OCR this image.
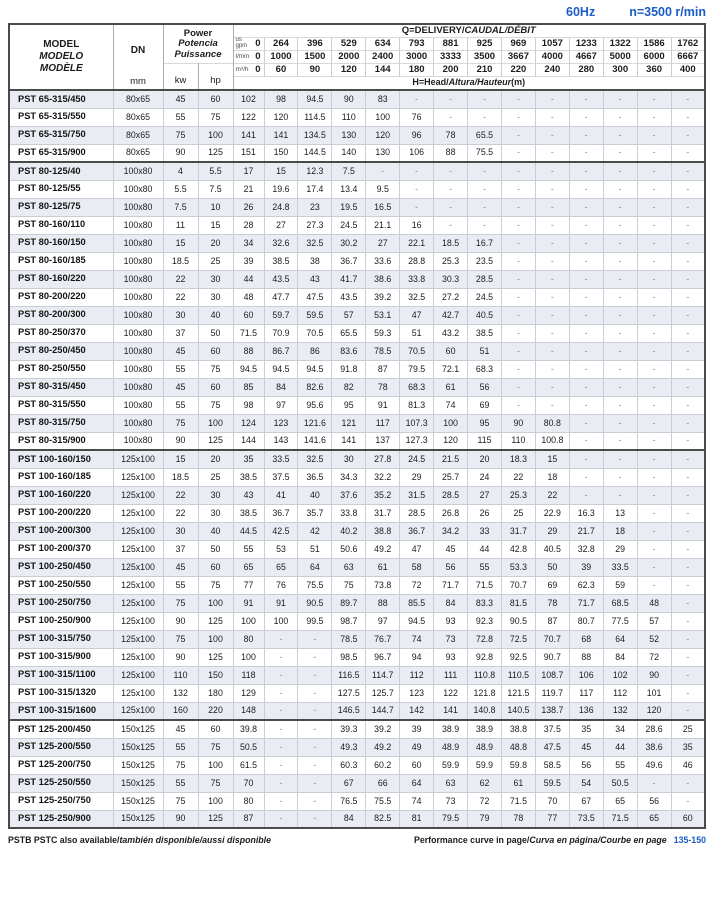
60Hz	n=3500 r/min
MODEL
MODELO
MODÈLE

DN
mm

Power
Potencia
Puissance
	Q=DELIVERY/CAUDAL/DÉBIT

				us
gpm 0	264	396	529	634	793	881	925	969	1057	1233	1322	1586	1762

				l/min 0	1000	1500	2000	2400	3000	3333	3500	3667	4000	4667	5000	6000	6667
		kw	hp	m³/h 0	60	90	120	144	180	200	210	220	240	280	300	360	400
				H=Head/Altura/Hauteur(m)													
PST 65-315/450	80x65	45	60	102	98	94.5	90	83	-	-	-	-	-	-	-	-	-
PST 65-315/550	80x65	55	75	122	120	114.5	110	100	76	-	-	-	-	-	-	-	-
PST 65-315/750	80x65	75	100	141	141	134.5	130	120	96	78	65.5	-	-	-	-	-	-
PST 65-315/900	80x65	90	125	151	150	144.5	140	130	106	88	75.5	-	-	-	-	-	-
PST 80-125/40	100x80	4	5.5	17	15	12.3	7.5	-	-	-	-	-	-	-	-	-	-
PST 80-125/55	100x80	5.5	7.5	21	19.6	17.4	13.4	9.5	-	-	-	-	-	-	-	-	-
PST 80-125/75	100x80	7.5	10	26	24.8	23	19.5	16.5	-	-	-	-	-	-	-	-	-
PST 80-160/110	100x80	11	15	28	27	27.3	24.5	21.1	16	-	-	-	-	-	-	-	-
PST 80-160/150	100x80	15	20	34	32.6	32.5	30.2	27	22.1	18.5	16.7	-	-	-	-	-	-
PST 80-160/185	100x80	18.5	25	39	38.5	38	36.7	33.6	28.8	25.3	23.5	-	-	-	-	-	-
PST 80-160/220	100x80	22	30	44	43.5	43	41.7	38.6	33.8	30.3	28.5	-	-	-	-	-	-
PST 80-200/220	100x80	22	30	48	47.7	47.5	43.5	39.2	32.5	27.2	24.5	-	-	-	-	-	-
PST 80-200/300	100x80	30	40	60	59.7	59.5	57	53.1	47	42.7	40.5	-	-	-	-	-	-
PST 80-250/370	100x80	37	50	71.5	70.9	70.5	65.5	59.3	51	43.2	38.5	-	-	-	-	-	-
PST 80-250/450	100x80	45	60	88	86.7	86	83.6	78.5	70.5	60	51	-	-	-	-	-	-
PST 80-250/550	100x80	55	75	94.5	94.5	94.5	91.8	87	79.5	72.1	68.3	-	-	-	-	-	-
PST 80-315/450	100x80	45	60	85	84	82.6	82	78	68.3	61	56	-	-	-	-	-	-
PST 80-315/550	100x80	55	75	98	97	95.6	95	91	81.3	74	69	-	-	-	-	-	-
PST 80-315/750	100x80	75	100	124	123	121.6	121	117	107.3	100	95	90	80.8	-	-	-	-
PST 80-315/900	100x80	90	125	144	143	141.6	141	137	127.3	120	115	110	100.8	-	-	-	-
PST 100-160/150	125x100	15	20	35	33.5	32.5	30	27.8	24.5	21.5	20	18.3	15	-	-	-	-
PST 100-160/185	125x100	18.5	25	38.5	37.5	36.5	34.3	32.2	29	25.7	24	22	18	-	-	-	-
PST 100-160/220	125x100	22	30	43	41	40	37.6	35.2	31.5	28.5	27	25.3	22	-	-	-	-
PST 100-200/220	125x100	22	30	38.5	36.7	35.7	33.8	31.7	28.5	26.8	26	25	22.9	16.3	13	-	-
PST 100-200/300	125x100	30	40	44.5	42.5	42	40.2	38.8	36.7	34.2	33	31.7	29	21.7	18	-	-
PST 100-200/370	125x100	37	50	55	53	51	50.6	49.2	47	45	44	42.8	40.5	32.8	29	-	-
PST 100-250/450	125x100	45	60	65	65	64	63	61	58	56	55	53.3	50	39	33.5	-	-
PST 100-250/550	125x100	55	75	77	76	75.5	75	73.8	72	71.7	71.5	70.7	69	62.3	59	-	-
PST 100-250/750	125x100	75	100	91	91	90.5	89.7	88	85.5	84	83.3	81.5	78	71.7	68.5	48	-
PST 100-250/900	125x100	90	125	100	100	99.5	98.7	97	94.5	93	92.3	90.5	87	80.7	77.5	57	-
PST 100-315/750	125x100	75	100	80	-	-	78.5	76.7	74	73	72.8	72.5	70.7	68	64	52	-
PST 100-315/900	125x100	90	125	100	-	-	98.5	96.7	94	93	92.8	92.5	90.7	88	84	72	-
PST 100-315/1100	125x100	110	150	118	-	-	116.5	114.7	112	111	110.8	110.5	108.7	106	102	90	-
PST 100-315/1320	125x100	132	180	129	-	-	127.5	125.7	123	122	121.8	121.5	119.7	117	112	101	-
PST 100-315/1600	125x100	160	220	148	-	-	146.5	144.7	142	141	140.8	140.5	138.7	136	132	120	-
PST 125-200/450	150x125	45	60	39.8	-	-	39.3	39.2	39	38.9	38.9	38.8	37.5	35	34	28.6	25
PST 125-200/550	150x125	55	75	50.5	-	-	49.3	49.2	49	48.9	48.9	48.8	47.5	45	44	38.6	35
PST 125-200/750	150x125	75	100	61.5	-	-	60.3	60.2	60	59.9	59.9	59.8	58.5	56	55	49.6	46
PST 125-250/550	150x125	55	75	70	-	-	67	66	64	63	62	61	59.5	54	50.5	-	-
PST 125-250/750	150x125	75	100	80	-	-	76.5	75.5	74	73	72	71.5	70	67	65	56	-
PST 125-250/900	150x125	90	125	87	-	-	84	82.5	81	79.5	79	78	77	73.5	71.5	65	60
PSTB PSTC also available/también disponible/aussi disponible	Performance curve in page/Curva en página/Courbe en page 135-150
